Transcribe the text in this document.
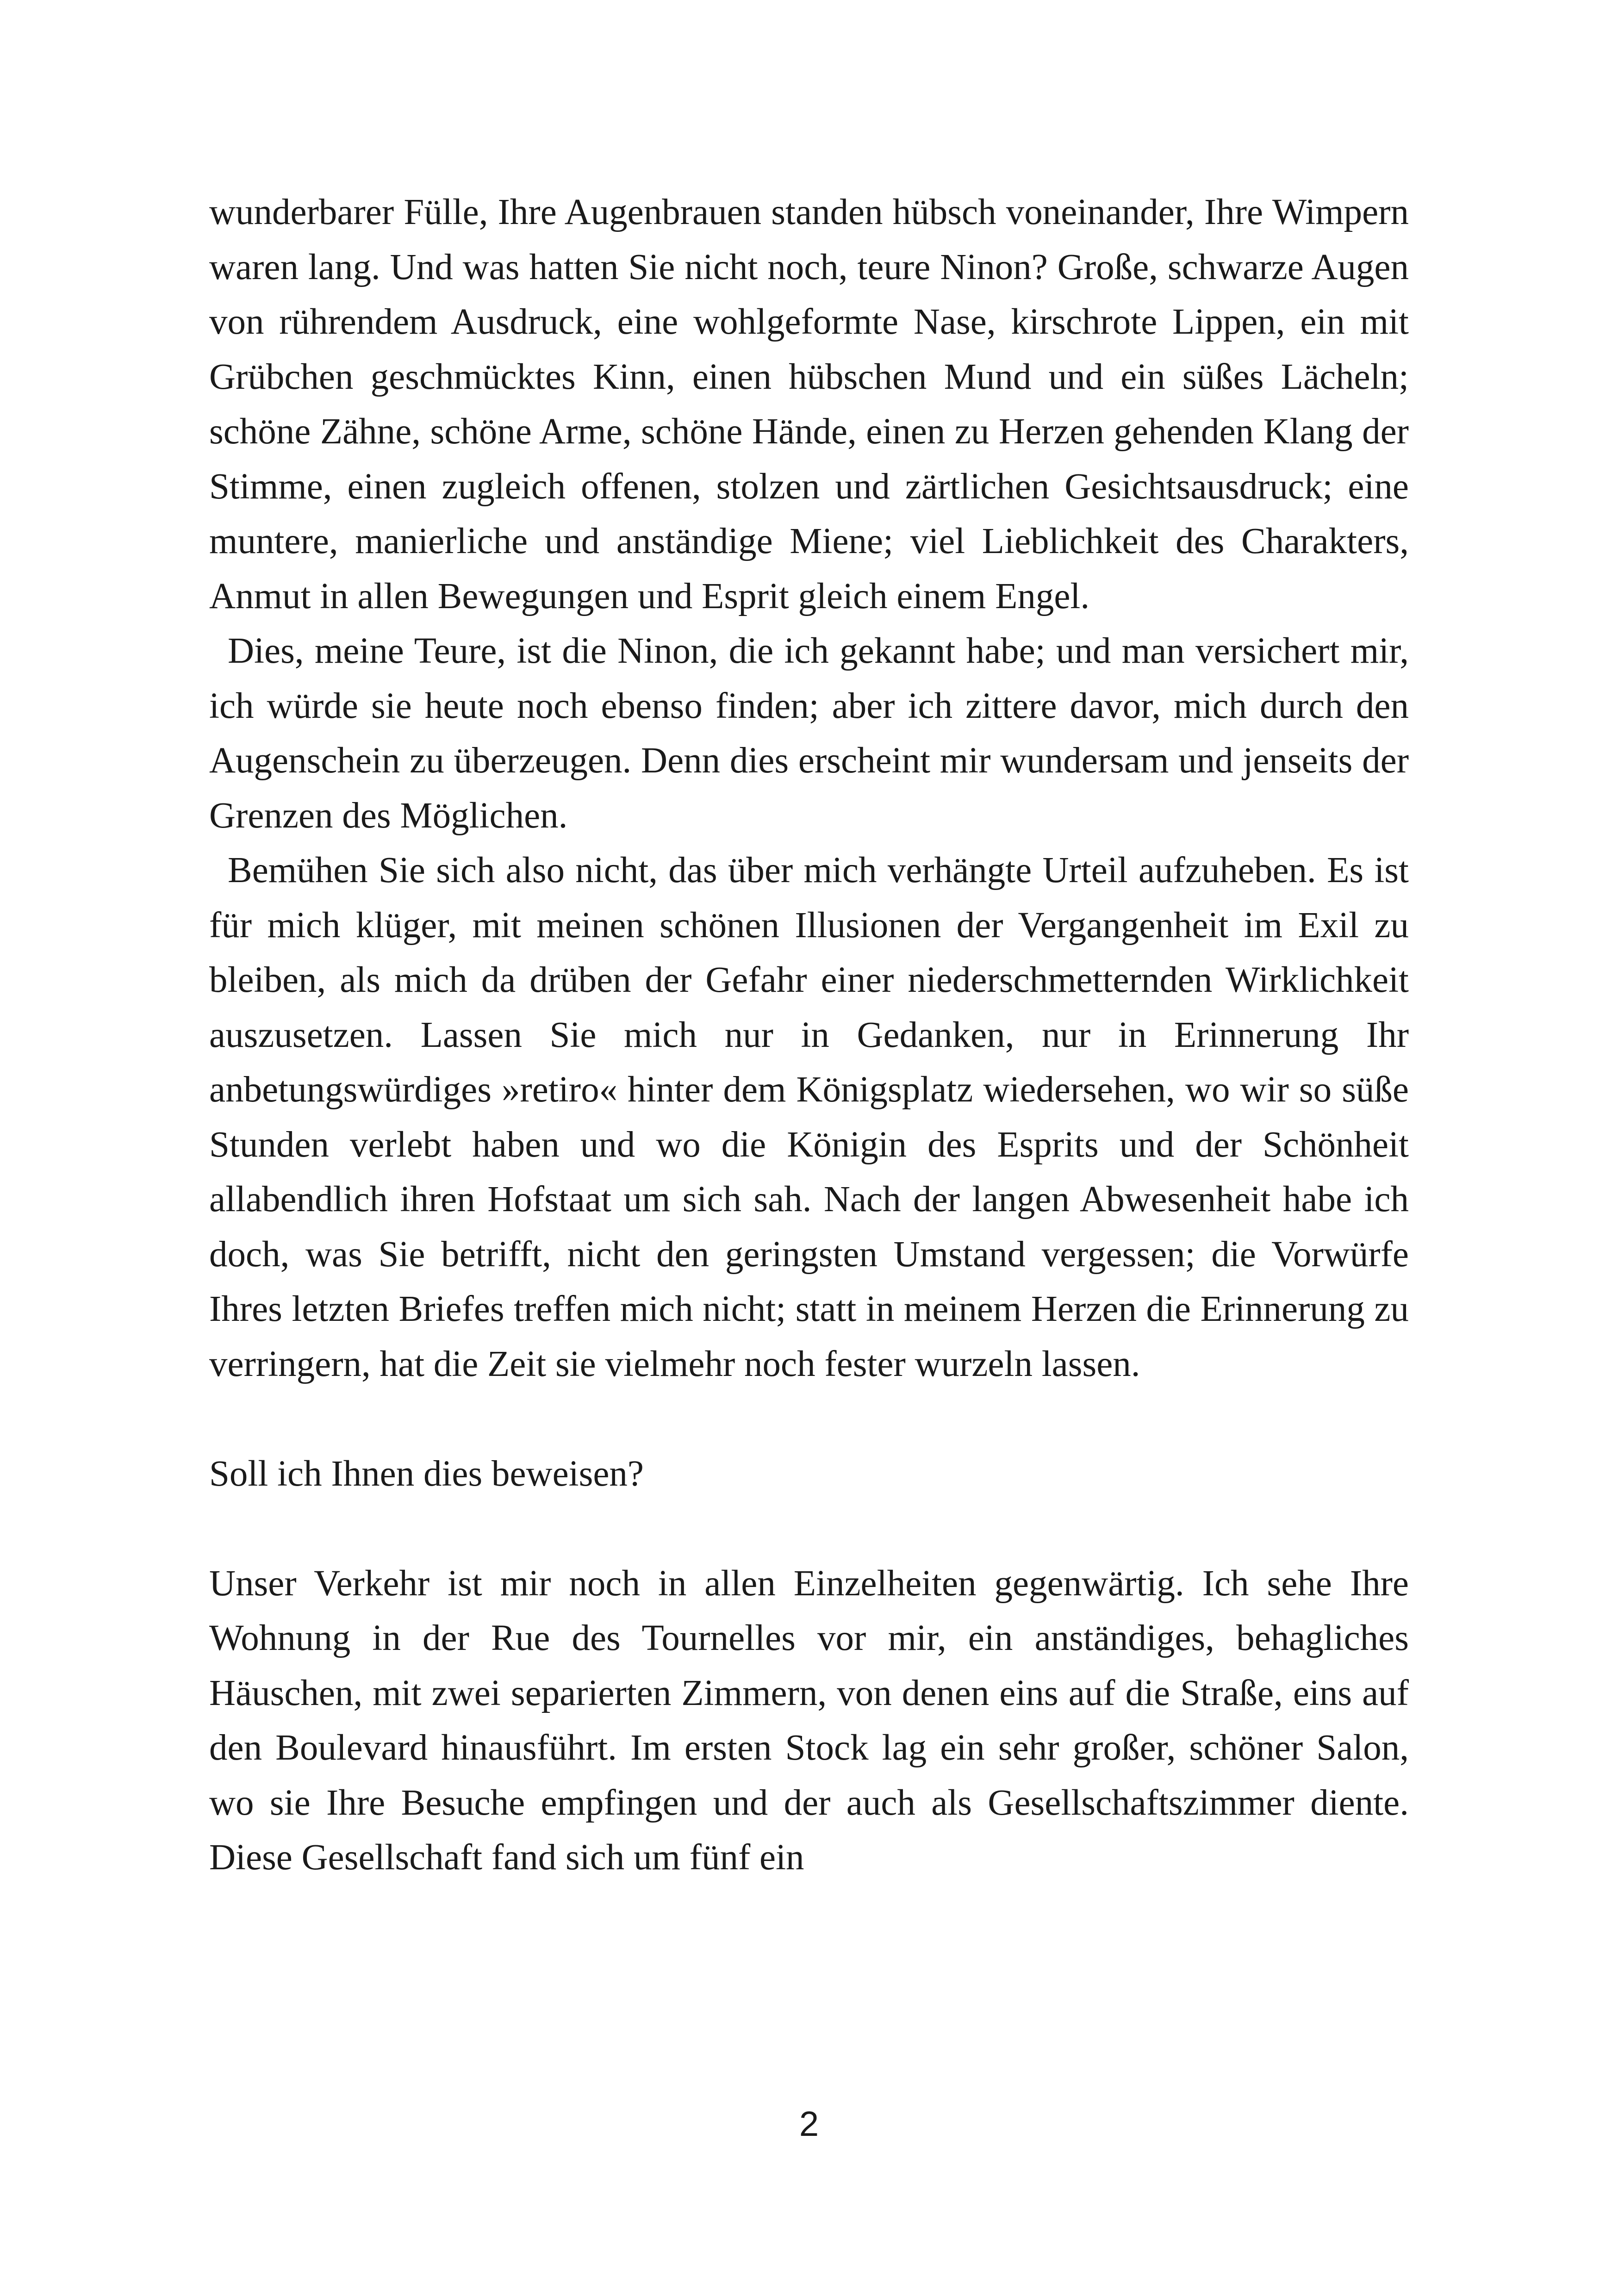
wunderbarer Fülle, Ihre Augenbrauen standen hübsch voneinander, Ihre Wimpern waren lang. Und was hatten Sie nicht noch, teure Ninon? Große, schwarze Augen von rührendem Ausdruck, eine wohlgeformte Nase, kirschrote Lippen, ein mit Grübchen geschmücktes Kinn, einen hübschen Mund und ein süßes Lächeln; schöne Zähne, schöne Arme, schöne Hände, einen zu Herzen gehenden Klang der Stimme, einen zugleich offenen, stolzen und zärtlichen Gesichtsausdruck; eine muntere, manierliche und anständige Miene; viel Lieblichkeit des Charakters, Anmut in allen Bewegungen und Esprit gleich einem Engel.

Dies, meine Teure, ist die Ninon, die ich gekannt habe; und man versichert mir, ich würde sie heute noch ebenso finden; aber ich zittere davor, mich durch den Augenschein zu überzeugen. Denn dies erscheint mir wundersam und jenseits der Grenzen des Möglichen.

Bemühen Sie sich also nicht, das über mich verhängte Urteil aufzuheben. Es ist für mich klüger, mit meinen schönen Illusionen der Vergangenheit im Exil zu bleiben, als mich da drüben der Gefahr einer niederschmetternden Wirklichkeit auszusetzen. Lassen Sie mich nur in Gedanken, nur in Erinnerung Ihr anbetungswürdiges »retiro« hinter dem Königsplatz wiedersehen, wo wir so süße Stunden verlebt haben und wo die Königin des Esprits und der Schönheit allabendlich ihren Hofstaat um sich sah. Nach der langen Abwesenheit habe ich doch, was Sie betrifft, nicht den geringsten Umstand vergessen; die Vorwürfe Ihres letzten Briefes treffen mich nicht; statt in meinem Herzen die Erinnerung zu verringern, hat die Zeit sie vielmehr noch fester wurzeln lassen.

Soll ich Ihnen dies beweisen?

Unser Verkehr ist mir noch in allen Einzelheiten gegenwärtig. Ich sehe Ihre Wohnung in der Rue des Tournelles vor mir, ein anständiges, behagliches Häuschen, mit zwei separierten Zimmern, von denen eins auf die Straße, eins auf den Boulevard hinausführt. Im ersten Stock lag ein sehr großer, schöner Salon, wo sie Ihre Besuche empfingen und der auch als Gesellschaftszimmer diente. Diese Gesellschaft fand sich um fünf ein

2
